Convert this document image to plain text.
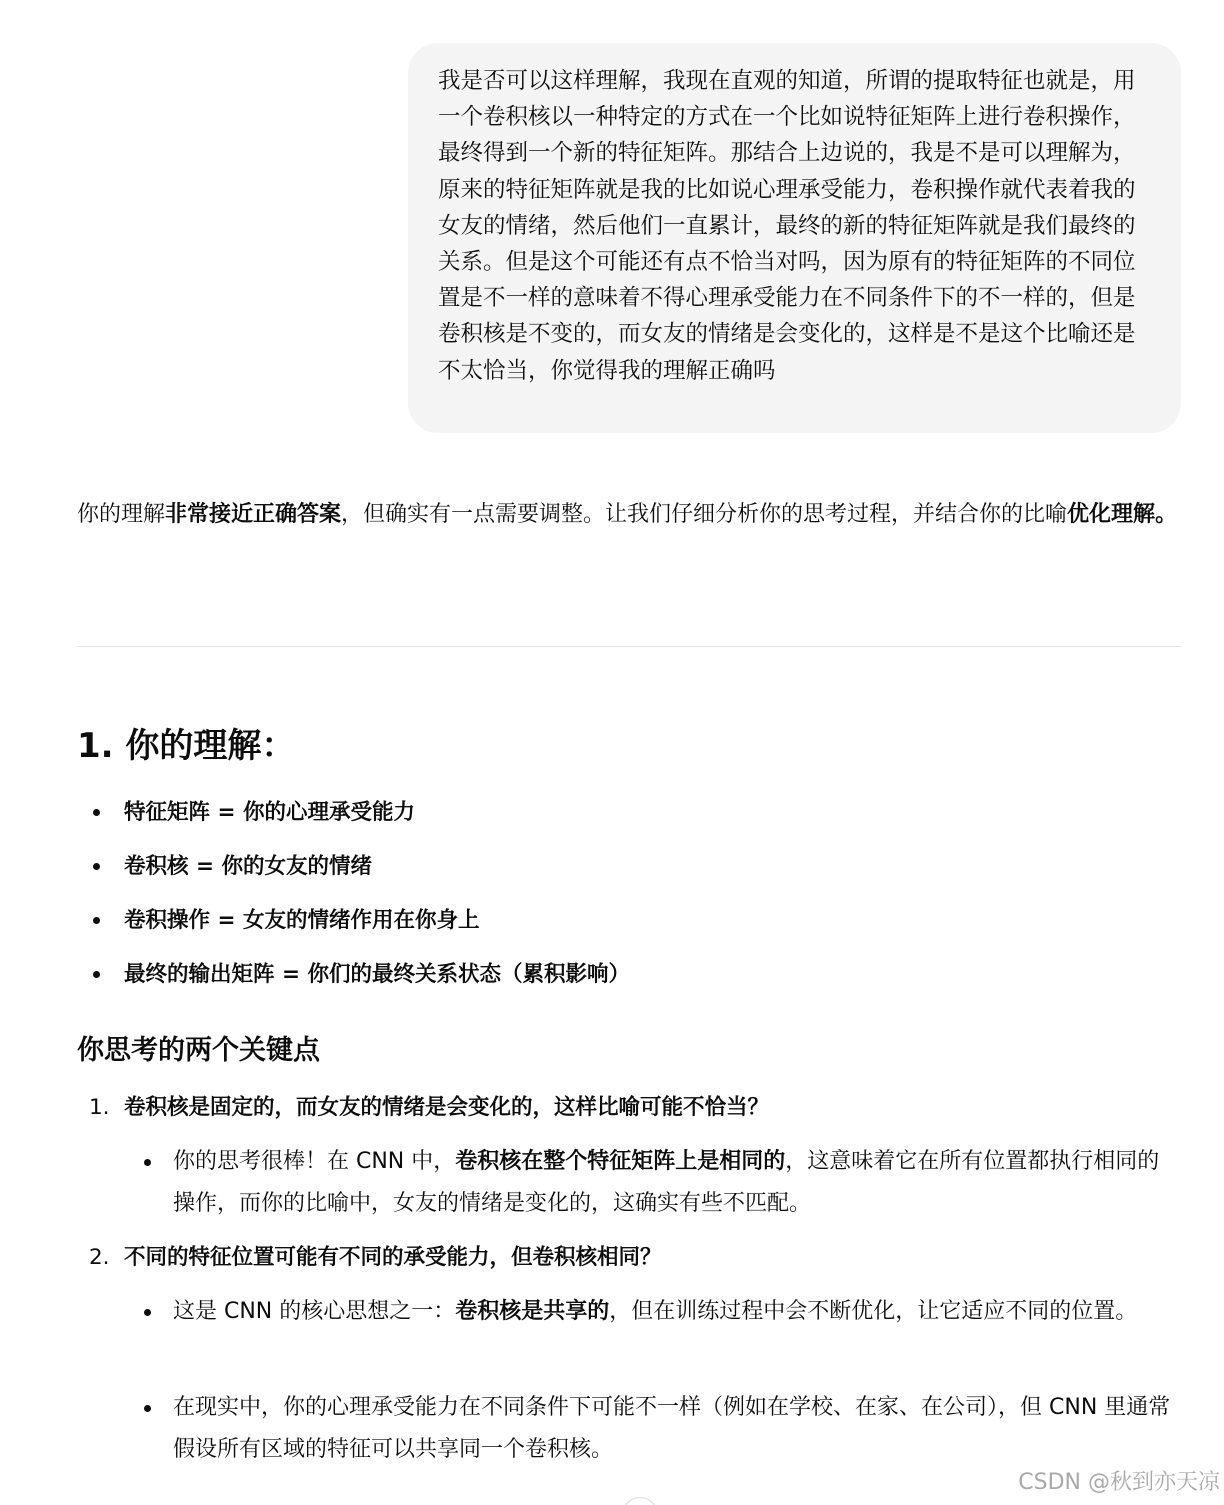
我是否可以这样理解，我现在直观的知道，所谓的提取特征也就是，用一个卷积核以一种特定的方式在一个比如说特征矩阵上进行卷积操作，最终得到一个新的特征矩阵。那结合上边说的，我是不是可以理解为，原来的特征矩阵就是我的比如说心理承受能力，卷积操作就代表着我的女友的情绪，然后他们一直累计，最终的新的特征矩阵就是我们最终的关系。但是这个可能还有点不恰当对吗，因为原有的特征矩阵的不同位置是不一样的意味着不得心理承受能力在不同条件下的不一样的，但是卷积核是不变的，而女友的情绪是会变化的，这样是不是这个比喻还是不太恰当，你觉得我的理解正确吗

你的理解非常接近正确答案，但确实有一点需要调整。让我们仔细分析你的思考过程，并结合你的比喻优化理解。

1. 你的理解：
特征矩阵 = 你的心理承受能力
卷积核 = 你的女友的情绪
卷积操作 = 女友的情绪作用在你身上
最终的输出矩阵 = 你们的最终关系状态（累积影响）
你思考的两个关键点
1. 卷积核是固定的，而女友的情绪是会变化的，这样比喻可能不恰当？
你的思考很棒！在 CNN 中，卷积核在整个特征矩阵上是相同的，这意味着它在所有位置都执行相同的操作，而你的比喻中，女友的情绪是变化的，这确实有些不匹配。
2. 不同的特征位置可能有不同的承受能力，但卷积核相同？
这是 CNN 的核心思想之一：卷积核是共享的，但在训练过程中会不断优化，让它适应不同的位置。
在现实中，你的心理承受能力在不同条件下可能不一样（例如在学校、在家、在公司），但 CNN 里通常假设所有区域的特征可以共享同一个卷积核。
CSDN @秋到亦天凉
